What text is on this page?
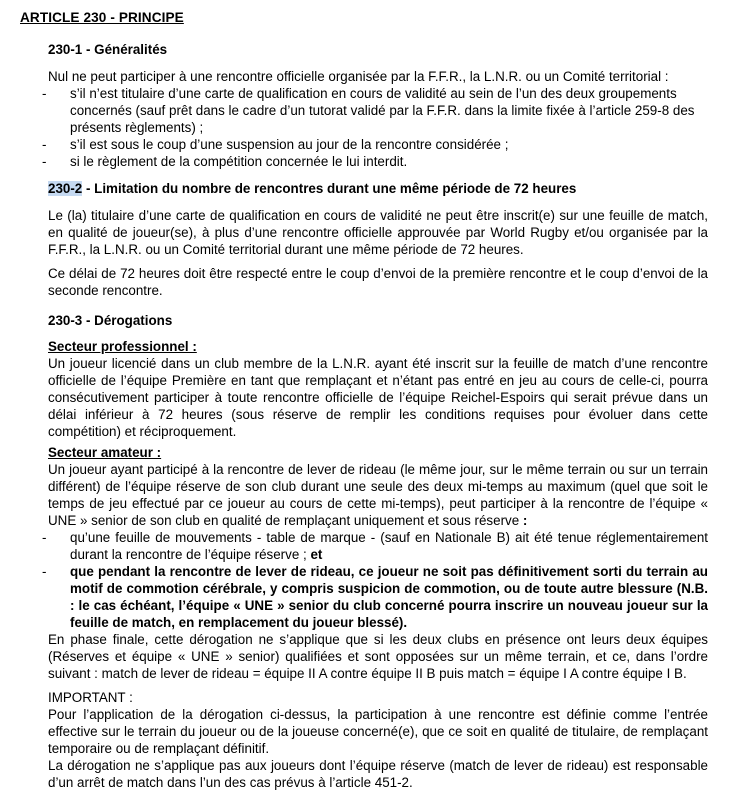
ARTICLE 230 - PRINCIPE
230-1 - Généralités
Nul ne peut participer à une rencontre officielle organisée par la F.F.R., la L.N.R. ou un Comité territorial :
- s’il n’est titulaire d’une carte de qualification en cours de validité au sein de l’un des deux groupements concernés (sauf prêt dans le cadre d’un tutorat validé par la F.F.R. dans la limite fixée à l’article 259-8 des présents règlements) ;
- s’il est sous le coup d’une suspension au jour de la rencontre considérée ;
- si le règlement de la compétition concernée le lui interdit.
230-2 - Limitation du nombre de rencontres durant une même période de 72 heures
Le (la) titulaire d’une carte de qualification en cours de validité ne peut être inscrit(e) sur une feuille de match, en qualité de joueur(se), à plus d’une rencontre officielle approuvée par World Rugby et/ou organisée par la F.F.R., la L.N.R. ou un Comité territorial durant une même période de 72 heures.
Ce délai de 72 heures doit être respecté entre le coup d’envoi de la première rencontre et le coup d’envoi de la seconde rencontre.
230-3 - Dérogations
Secteur professionnel :
Un joueur licencié dans un club membre de la L.N.R. ayant été inscrit sur la feuille de match d’une rencontre officielle de l’équipe Première en tant que remplaçant et n’étant pas entré en jeu au cours de celle-ci, pourra consécutivement participer à toute rencontre officielle de l’équipe Reichel-Espoirs qui serait prévue dans un délai inférieur à 72 heures (sous réserve de remplir les conditions requises pour évoluer dans cette compétition) et réciproquement.
Secteur amateur :
Un joueur ayant participé à la rencontre de lever de rideau (le même jour, sur le même terrain ou sur un terrain différent) de l’équipe réserve de son club durant une seule des deux mi-temps au maximum (quel que soit le temps de jeu effectué par ce joueur au cours de cette mi-temps), peut participer à la rencontre de l’équipe « UNE » senior de son club en qualité de remplaçant uniquement et sous réserve :
- qu’une feuille de mouvements - table de marque - (sauf en Nationale B) ait été tenue réglementairement durant la rencontre de l’équipe réserve ; et
- que pendant la rencontre de lever de rideau, ce joueur ne soit pas définitivement sorti du terrain au motif de commotion cérébrale, y compris suspicion de commotion, ou de toute autre blessure (N.B. : le cas échéant, l’équipe « UNE » senior du club concerné pourra inscrire un nouveau joueur sur la feuille de match, en remplacement du joueur blessé).
En phase finale, cette dérogation ne s’applique que si les deux clubs en présence ont leurs deux équipes (Réserves et équipe « UNE » senior) qualifiées et sont opposées sur un même terrain, et ce, dans l’ordre suivant : match de lever de rideau = équipe II A contre équipe II B puis match = équipe I A contre équipe I B.
IMPORTANT :
Pour l’application de la dérogation ci-dessus, la participation à une rencontre est définie comme l’entrée effective sur le terrain du joueur ou de la joueuse concerné(e), que ce soit en qualité de titulaire, de remplaçant temporaire ou de remplaçant définitif.
La dérogation ne s’applique pas aux joueurs dont l’équipe réserve (match de lever de rideau) est responsable d’un arrêt de match dans l’un des cas prévus à l’article 451-2.
